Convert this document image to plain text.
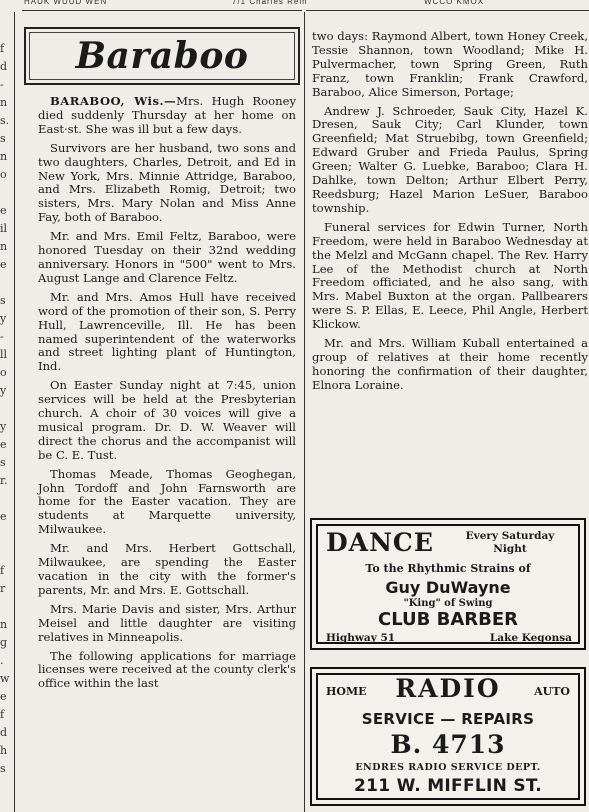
HAUK WUUD WEN	7/1 Charles Rein	WCCO KMOX
f
d
-
n
s.
s
n
o
e
il
n
e
s
y
-
ll
o
y
y
e
s
r.
e
f
r
n
g
.
w
e
f
d
h
s
Baraboo

BARABOO, Wis.—Mrs. Hugh Rooney died suddenly Thursday at her home on East·st. She was ill but a few days.

Survivors are her husband, two sons and two daughters, Charles, Detroit, and Ed in New York, Mrs. Minnie Attridge, Baraboo, and Mrs. Elizabeth Romig, Detroit; two sisters, Mrs. Mary Nolan and Miss Anne Fay, both of Baraboo.

Mr. and Mrs. Emil Feltz, Baraboo, were honored Tuesday on their 32nd wedding anniversary. Honors in "500" went to Mrs. August Lange and Clarence Feltz.

Mr. and Mrs. Amos Hull have received word of the promotion of their son, S. Perry Hull, Lawrenceville, Ill. He has been named superintendent of the waterworks and street lighting plant of Huntington, Ind.

On Easter Sunday night at 7:45, union services will be held at the Presbyterian church. A choir of 30 voices will give a musical program. Dr. D. W. Weaver will direct the chorus and the accompanist will be C. E. Tust.

Thomas Meade, Thomas Geoghegan, John Tordoff and John Farnsworth are home for the Easter vacation. They are students at Marquette university, Milwaukee.

Mr. and Mrs. Herbert Gottschall, Milwaukee, are spending the Easter vacation in the city with the former's parents, Mr. and Mrs. E. Gottschall.

Mrs. Marie Davis and sister, Mrs. Arthur Meisel and little daughter are visiting relatives in Minneapolis.

The following applications for marriage licenses were received at the county clerk's office within the last

two days: Raymond Albert, town Honey Creek, Tessie Shannon, town Woodland; Mike H. Pulvermacher, town Spring Green, Ruth Franz, town Franklin; Frank Crawford, Baraboo, Alice Simerson, Portage;

Andrew J. Schroeder, Sauk City, Hazel K. Dresen, Sauk City; Carl Klunder, town Greenfield; Mat Struebibg, town Greenfield; Edward Gruber and Frieda Paulus, Spring Green; Walter G. Luebke, Baraboo; Clara H. Dahlke, town Delton; Arthur Elbert Perry, Reedsburg; Hazel Marion LeSuer, Baraboo township.

Funeral services for Edwin Turner, North Freedom, were held in Baraboo Wednesday at the Melzl and McGann chapel. The Rev. Harry Lee of the Methodist church at North Freedom officiated, and he also sang, with Mrs. Mabel Buxton at the organ. Pallbearers were S. P. Ellas, E. Leece, Phil Angle, Herbert Klickow.

Mr. and Mrs. William Kuball entertained a group of relatives at their home recently honoring the confirmation of their daughter, Elnora Loraine.

DANCE	Every Saturday Night
To the Rhythmic Strains of
Guy DuWayne
"King" of Swing
CLUB BARBER
Highway 51	Lake Kegonsa
HOME	RADIO	AUTO
SERVICE — REPAIRS
B. 4713
ENDRES RADIO SERVICE DEPT.
211 W. MIFFLIN ST.
